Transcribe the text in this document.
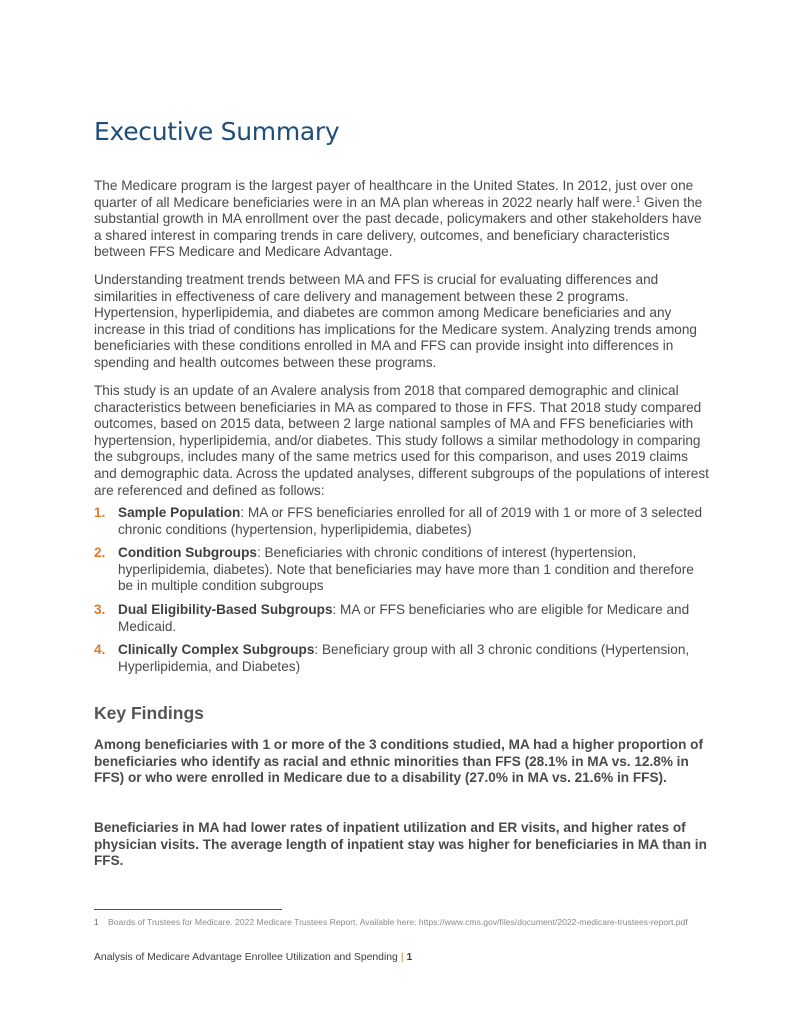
Executive Summary

The Medicare program is the largest payer of healthcare in the United States. In 2012, just over one quarter of all Medicare beneficiaries were in an MA plan whereas in 2022 nearly half were.$^1$ Given the substantial growth in MA enrollment over the past decade, policymakers and other stakeholders have a shared interest in comparing trends in care delivery, outcomes, and beneficiary characteristics between FFS Medicare and Medicare Advantage.

Understanding treatment trends between MA and FFS is crucial for evaluating differences and similarities in effectiveness of care delivery and management between these 2 programs. Hypertension, hyperlipidemia, and diabetes are common among Medicare beneficiaries and any increase in this triad of conditions has implications for the Medicare system. Analyzing trends among beneficiaries with these conditions enrolled in MA and FFS can provide insight into differences in spending and health outcomes between these programs.

This study is an update of an Avalere analysis from 2018 that compared demographic and clinical characteristics between beneficiaries in MA as compared to those in FFS. That 2018 study compared outcomes, based on 2015 data, between 2 large national samples of MA and FFS beneficiaries with hypertension, hyperlipidemia, and/or diabetes. This study follows a similar methodology in comparing the subgroups, includes many of the same metrics used for this comparison, and uses 2019 claims and demographic data. Across the updated analyses, different subgroups of the populations of interest are referenced and defined as follows:

1. Sample Population: MA or FFS beneficiaries enrolled for all of 2019 with 1 or more of 3 selected chronic conditions (hypertension, hyperlipidemia, diabetes)
2. Condition Subgroups: Beneficiaries with chronic conditions of interest (hypertension, hyperlipidemia, diabetes). Note that beneficiaries may have more than 1 condition and therefore be in multiple condition subgroups
3. Dual Eligibility-Based Subgroups: MA or FFS beneficiaries who are eligible for Medicare and Medicaid.
4. Clinically Complex Subgroups: Beneficiary group with all 3 chronic conditions (Hypertension, Hyperlipidemia, and Diabetes)
Key Findings

Among beneficiaries with 1 or more of the 3 conditions studied, MA had a higher proportion of beneficiaries who identify as racial and ethnic minorities than FFS (28.1% in MA vs. 12.8% in FFS) or who were enrolled in Medicare due to a disability (27.0% in MA vs. 21.6% in FFS).

Beneficiaries in MA had lower rates of inpatient utilization and ER visits, and higher rates of physician visits. The average length of inpatient stay was higher for beneficiaries in MA than in FFS.

1 Boards of Trustees for Medicare. 2022 Medicare Trustees Report. Available here: https://www.cms.gov/files/document/2022-medicare-trustees-report.pdf
Analysis of Medicare Advantage Enrollee Utilization and Spending | 1
